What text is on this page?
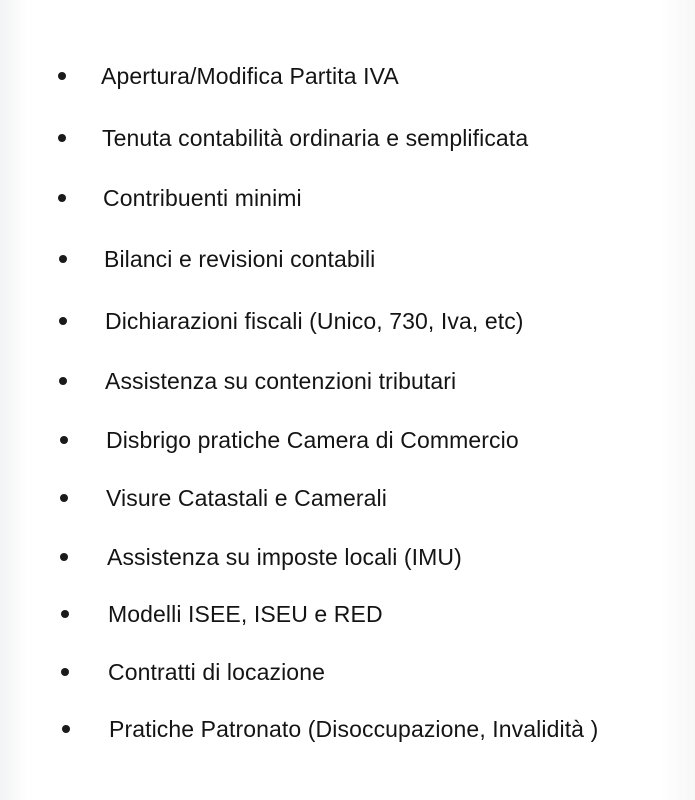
Apertura/Modifica Partita IVA
Tenuta contabilità ordinaria e semplificata
Contribuenti minimi
Bilanci e revisioni contabili
Dichiarazioni fiscali (Unico, 730, Iva, etc)
Assistenza su contenzioni tributari
Disbrigo pratiche Camera di Commercio
Visure Catastali e Camerali
Assistenza su imposte locali (IMU)
Modelli ISEE, ISEU e RED
Contratti di locazione
Pratiche Patronato (Disoccupazione, Invalidità )
